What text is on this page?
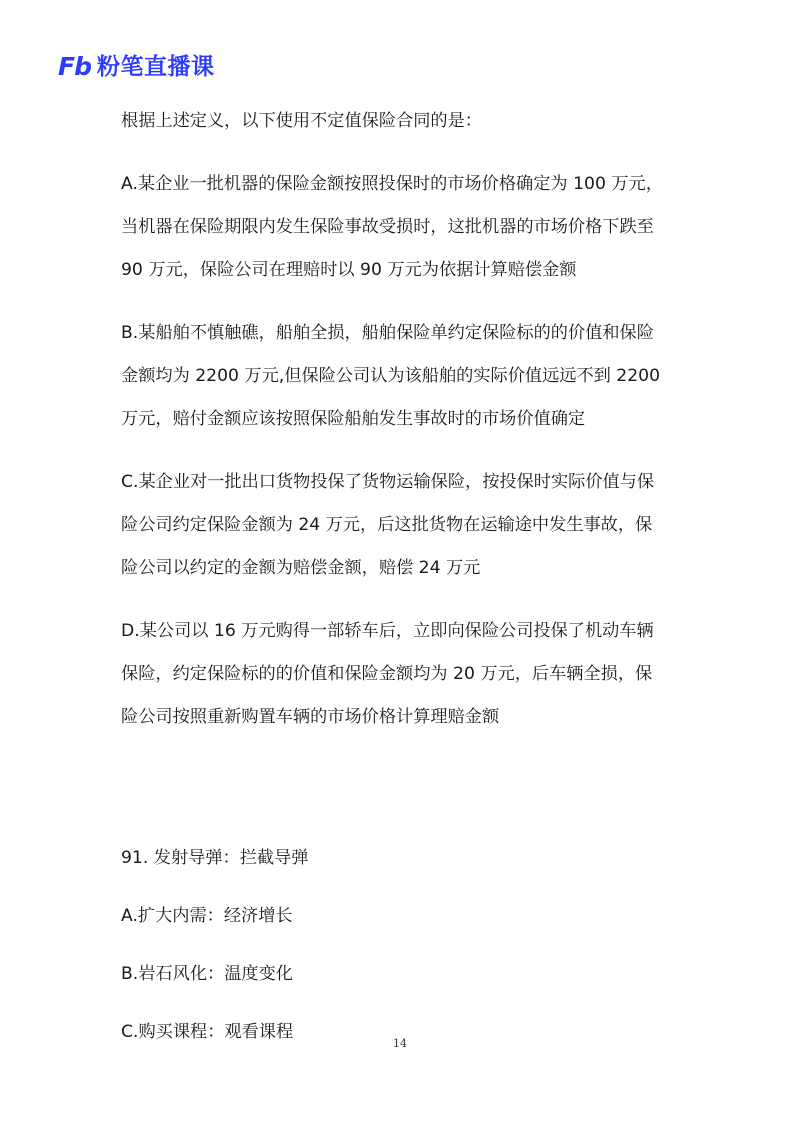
Fb 粉笔直播课
根据上述定义，以下使用不定值保险合同的是：
A.某企业一批机器的保险金额按照投保时的市场价格确定为 100 万元，
当机器在保险期限内发生保险事故受损时，这批机器的市场价格下跌至
90 万元，保险公司在理赔时以 90 万元为依据计算赔偿金额
B.某船舶不慎触礁，船舶全损，船舶保险单约定保险标的的价值和保险
金额均为 2200 万元,但保险公司认为该船舶的实际价值远远不到 2200
万元，赔付金额应该按照保险船舶发生事故时的市场价值确定
C.某企业对一批出口货物投保了货物运输保险，按投保时实际价值与保
险公司约定保险金额为 24 万元，后这批货物在运输途中发生事故，保
险公司以约定的金额为赔偿金额，赔偿 24 万元
D.某公司以 16 万元购得一部轿车后，立即向保险公司投保了机动车辆
保险，约定保险标的的价值和保险金额均为 20 万元，后车辆全损，保
险公司按照重新购置车辆的市场价格计算理赔金额
91. 发射导弹：拦截导弹
A.扩大内需：经济增长
B.岩石风化：温度变化
C.购买课程：观看课程
14
